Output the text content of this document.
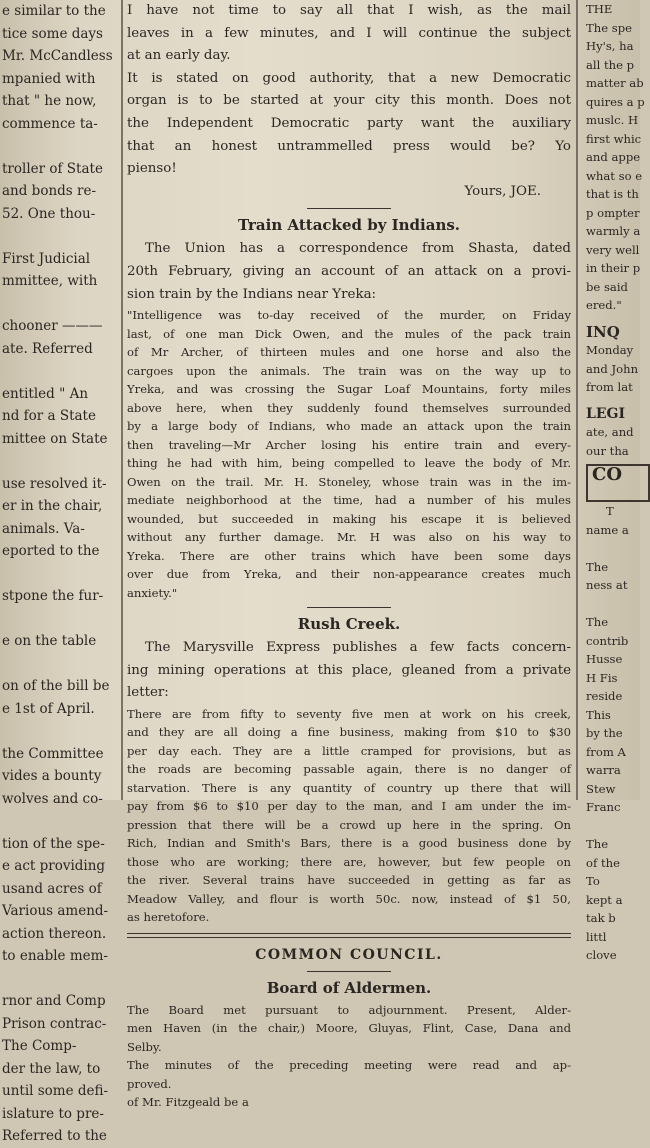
e similar to the
tice some days
Mr. McCandless
mpanied with
that " he now,
commence ta-

troller of State
and bonds re-
52. One thou-

First Judicial
mmittee, with

chooner ———
ate. Referred

entitled " An
nd for a State
mittee on State

use resolved it-
er in the chair,
animals. Va-
eported to the

stpone the fur-

e on the table

on of the bill be
e 1st of April.

the Committee
vides a bounty
wolves and co-

tion of the spe-
e act providing
usand acres of
Various amend-
action thereon.
to enable mem-

rnor and Comp
Prison contrac-
The Comp-
der the law, to
until some defi-
islature to pre-
Referred to the
I have not time to say all that I wish, as the mail
leaves in a few minutes, and I will continue the subject
at an early day.
It is stated on good authority, that a new Democratic
organ is to be started at your city this month. Does not
the Independent Democratic party want the auxiliary
that an honest untrammelled press would be? Yo
pienso!
Yours, JOE.
Train Attacked by Indians.
The Union has a correspondence from Shasta, dated
20th February, giving an account of an attack on a provi-
sion train by the Indians near Yreka:
"Intelligence was to-day received of the murder, on Friday
last, of one man Dick Owen, and the mules of the pack train
of Mr Archer, of thirteen mules and one horse and also the
cargoes upon the animals. The train was on the way up to
Yreka, and was crossing the Sugar Loaf Mountains, forty miles
above here, when they suddenly found themselves surrounded
by a large body of Indians, who made an attack upon the train
then traveling—Mr Archer losing his entire train and every-
thing he had with him, being compelled to leave the body of Mr.
Owen on the trail. Mr. H. Stoneley, whose train was in the im-
mediate neighborhood at the time, had a number of his mules
wounded, but succeeded in making his escape it is believed
without any further damage. Mr. H was also on his way to
Yreka. There are other trains which have been some days
over due from Yreka, and their non-appearance creates much
anxiety."
Rush Creek.
The Marysville Express publishes a few facts concern-
ing mining operations at this place, gleaned from a private
letter:
There are from fifty to seventy five men at work on his creek,
and they are all doing a fine business, making from $10 to $30
per day each. They are a little cramped for provisions, but as
the roads are becoming passable again, there is no danger of
starvation. There is any quantity of country up there that will
pay from $6 to $10 per day to the man, and I am under the im-
pression that there will be a crowd up here in the spring. On
Rich, Indian and Smith's Bars, there is a good business done by
those who are working; there are, however, but few people on
the river. Several trains have succeeded in getting as far as
Meadow Valley, and flour is worth 50c. now, instead of $1 50,
as heretofore.
COMMON COUNCIL.
Board of Aldermen.
The Board met pursuant to adjournment. Present, Alder-
men Haven (in the chair,) Moore, Gluyas, Flint, Case, Dana and
Selby.
The minutes of the preceding meeting were read and ap-
proved.
of Mr. Fitzgeald be a
THE
The spe
Hy's, ha
all the p
matter ab
quires a p
muslc. H
first whic
and appe
what so e
that is th
p ompter
warmly a
very well
in their p
be said
ered."
INQ
Monday
and John
from lat
LEGI
ate, and
our tha
CO
T
name a

The
ness at

The
contrib
Husse
H Fis
reside
This
by the
from A
warra
Stew
Franc

The
of the
To
kept a
tak b
littl
clove
